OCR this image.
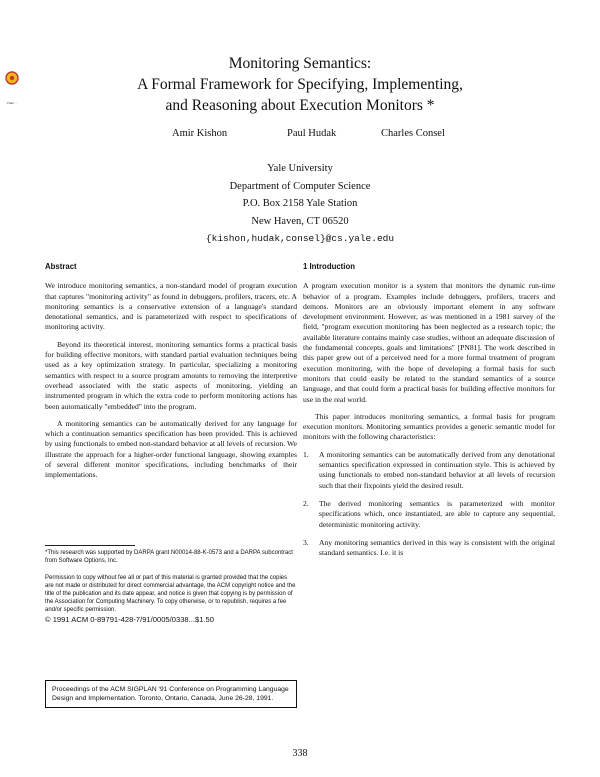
Chart ...
Monitoring Semantics:
A Formal Framework for Specifying, Implementing,
and Reasoning about Execution Monitors *
Amir Kishon	Paul Hudak	Charles Consel
Yale University
Department of Computer Science
P.O. Box 2158 Yale Station
New Haven, CT 06520
{kishon,hudak,consel}@cs.yale.edu
Abstract

We introduce monitoring semantics, a non-standard model of program execution that captures "monitoring activity" as found in debuggers, profilers, tracers, etc. A monitoring semantics is a conservative extension of a language's standard denotational semantics, and is parameterized with respect to specifications of monitoring activity.

Beyond its theoretical interest, monitoring semantics forms a practical basis for building effective monitors, with standard partial evaluation techniques being used as a key optimization strategy. In particular, specializing a monitoring semantics with respect to a source program amounts to removing the interpretive overhead associated with the static aspects of monitoring, yielding an instrumented program in which the extra code to perform monitoring actions has been automatically "embedded" into the program.

A monitoring semantics can be automatically derived for any language for which a continuation semantics specification has been provided. This is achieved by using functionals to embed non-standard behavior at all levels of recursion. We illustrate the approach for a higher-order functional language, showing examples of several different monitor specifications, including benchmarks of their implementations.

*This research was supported by DARPA grant N00014-88-K-0573 and a DARPA subcontract from Software Options, Inc.
Permission to copy without fee all or part of this material is granted provided that the copies are not made or distributed for direct commercial advantage, the ACM copyright notice and the title of the publication and its date appear, and notice is given that copying is by permission of the Association for Computing Machinery. To copy otherwise, or to republish, requires a fee and/or specific permission.
© 1991 ACM 0-89791-428-7/91/0005/0338...$1.50
Proceedings of the ACM SIGPLAN '91 Conference on Programming Language Design and Implementation. Toronto, Ontario, Canada, June 26-28, 1991.
1 Introduction

A program execution monitor is a system that monitors the dynamic run-time behavior of a program. Examples include debuggers, profilers, tracers and demons. Monitors are an obviously important element in any software development environment. However, as was mentioned in a 1981 survey of the field, "program execution monitoring has been neglected as a research topic; the available literature contains mainly case studies, without an adequate discussion of the fundamental concepts, goals and limitations" [PN81]. The work described in this paper grew out of a perceived need for a more formal treatment of program execution monitoring, with the hope of developing a formal basis for such monitors that could easily be related to the standard semantics of a source language, and that could form a practical basis for building effective monitors for use in the real world.

This paper introduces monitoring semantics, a formal basis for program execution monitors. Monitoring semantics provides a generic semantic model for monitors with the following characteristics:

1. A monitoring semantics can be automatically derived from any denotational semantics specification expressed in continuation style. This is achieved by using functionals to embed non-standard behavior at all levels of recursion such that their fixpoints yield the desired result.
2. The derived monitoring semantics is parameterized with monitor specifications which, once instantiated, are able to capture any sequential, deterministic monitoring activity.
3. Any monitoring semantics derived in this way is consistent with the original standard semantics. I.e. it is
338
